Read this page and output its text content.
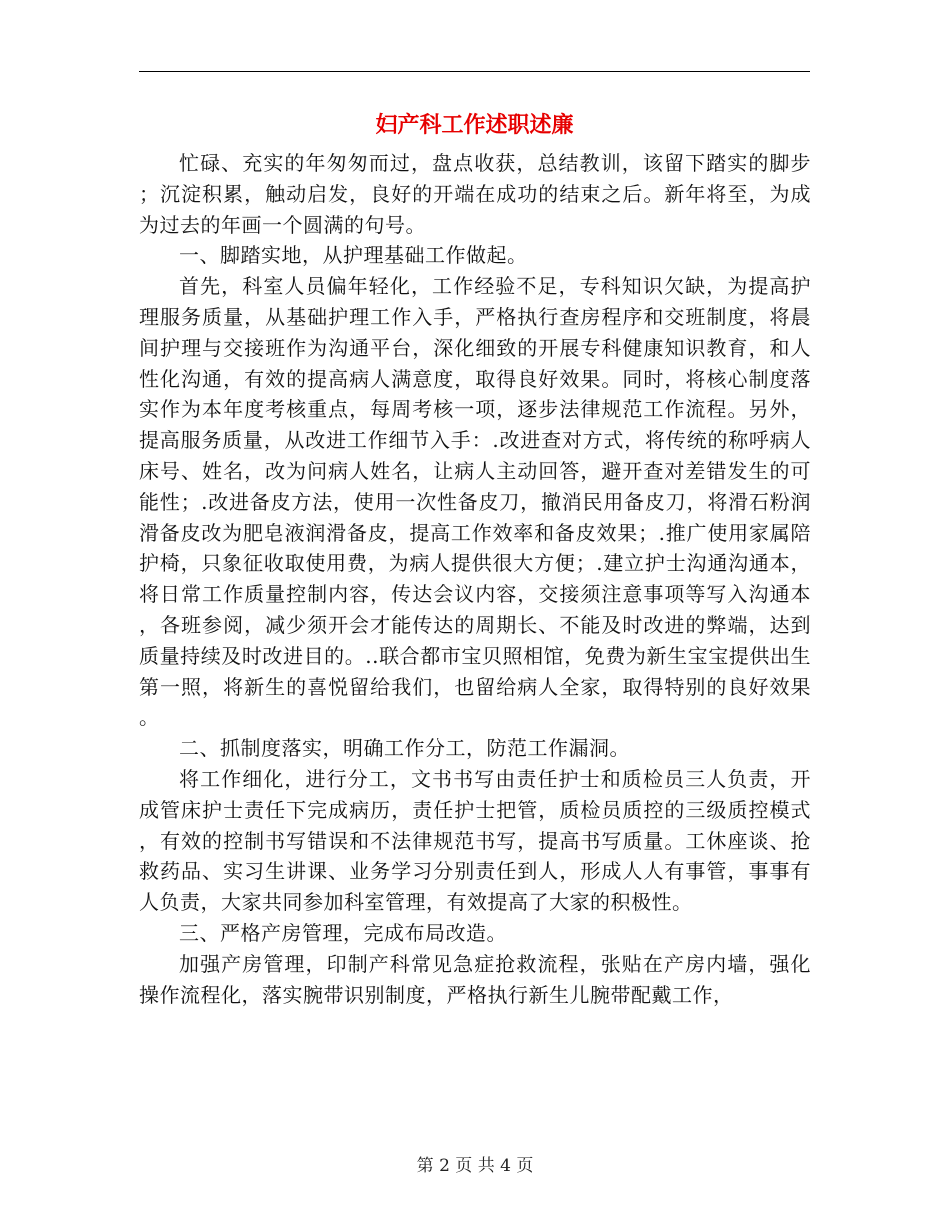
妇产科工作述职述廉

忙碌、充实的年匆匆而过，盘点收获，总结教训，该留下踏实的脚步；沉淀积累，触动启发，良好的开端在成功的结束之后。新年将至，为成为过去的年画一个圆满的句号。

一、脚踏实地，从护理基础工作做起。

首先，科室人员偏年轻化，工作经验不足，专科知识欠缺，为提高护理服务质量，从基础护理工作入手，严格执行查房程序和交班制度，将晨间护理与交接班作为沟通平台，深化细致的开展专科健康知识教育，和人性化沟通，有效的提高病人满意度，取得良好效果。同时，将核心制度落实作为本年度考核重点，每周考核一项，逐步法律规范工作流程。另外，提高服务质量，从改进工作细节入手：.改进查对方式，将传统的称呼病人床号、姓名，改为问病人姓名，让病人主动回答，避开查对差错发生的可能性；.改进备皮方法，使用一次性备皮刀，撤消民用备皮刀，将滑石粉润滑备皮改为肥皂液润滑备皮，提高工作效率和备皮效果；.推广使用家属陪护椅，只象征收取使用费，为病人提供很大方便；.建立护士沟通沟通本，将日常工作质量控制内容，传达会议内容，交接须注意事项等写入沟通本，各班参阅，减少须开会才能传达的周期长、不能及时改进的弊端，达到质量持续及时改进目的。..联合都市宝贝照相馆，免费为新生宝宝提供出生第一照，将新生的喜悦留给我们，也留给病人全家，取得特别的良好效果。

二、抓制度落实，明确工作分工，防范工作漏洞。

将工作细化，进行分工，文书书写由责任护士和质检员三人负责，开成管床护士责任下完成病历，责任护士把管，质检员质控的三级质控模式，有效的控制书写错误和不法律规范书写，提高书写质量。工休座谈、抢救药品、实习生讲课、业务学习分别责任到人，形成人人有事管，事事有人负责，大家共同参加科室管理，有效提高了大家的积极性。

三、严格产房管理，完成布局改造。

加强产房管理，印制产科常见急症抢救流程，张贴在产房内墙，强化操作流程化，落实腕带识别制度，严格执行新生儿腕带配戴工作，

第 2 页 共 4 页
